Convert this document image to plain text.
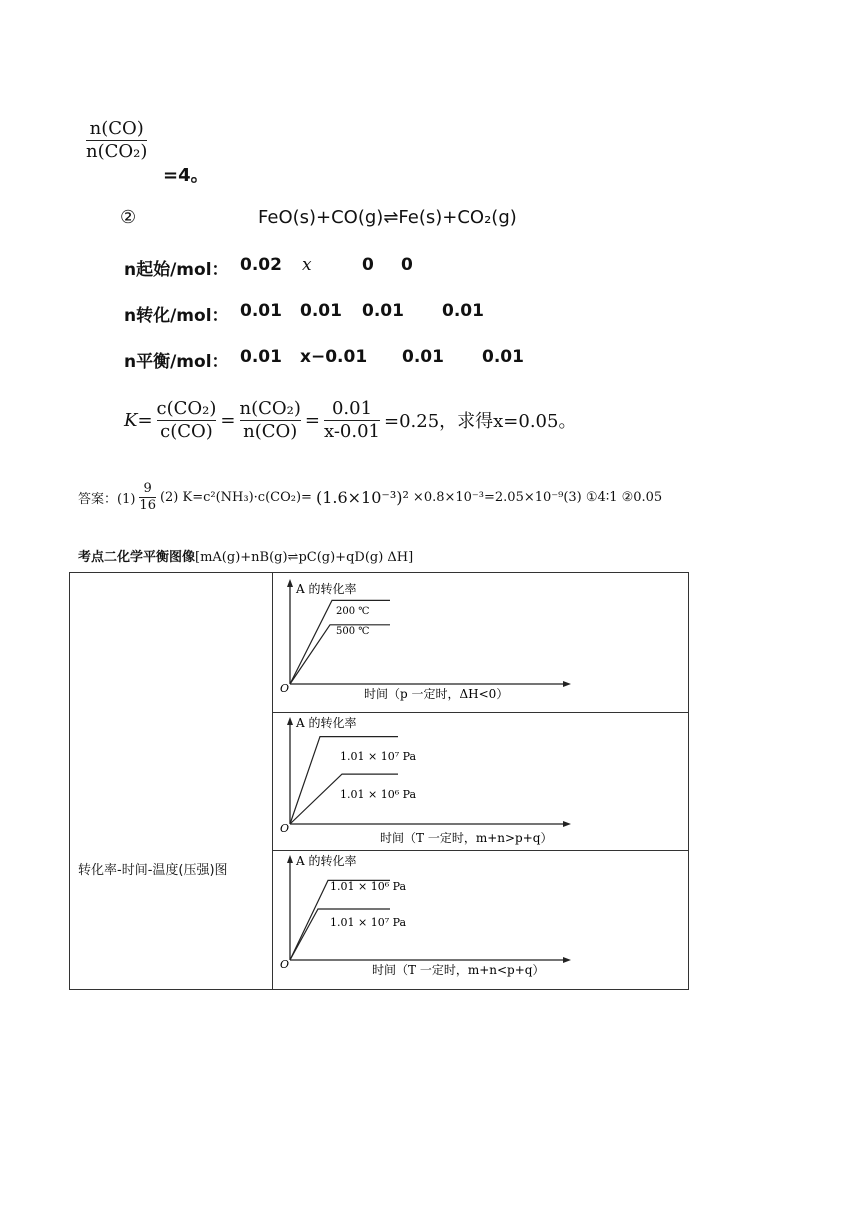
$\frac{n(CO)}{\text{n(CO₂)}}$
=4。
②	FeO(s)+CO(g)⇌Fe(s)+CO₂(g)
n起始/mol： 0.02 x	0 0
n转化/mol： 0.01 0.01 0.01 0.01
n平衡/mol： 0.01 x−0.01 0.01 0.01
$K= \frac{\text{c(CO₂)}}{c(CO)} = \frac{\text{n(CO₂)}}{n(CO)} = \frac{0.01}{x-0.01} =0.25$，求得x=0.05。
答案：$(1) \frac{9}{16} (2)$ K=c²(NH₃)·c(CO₂)= (1.6×10⁻³)² ×0.8×10⁻³=2.05×10⁻⁹(3) ①4∶1 ②0.05
考点二化学平衡图像[mA(g)+nB(g)⇌pC(g)+qD(g) ΔH]
转化率-时间-温度(压强)图
A 的转化率
O
200 ℃
500 ℃
时间（p 一定时，ΔH<0）
A 的转化率
O
1.01 × 10⁷ Pa
1.01 × 10⁶ Pa
时间（T 一定时，m+n>p+q）
A 的转化率
O
1.01 × 10⁶ Pa
1.01 × 10⁷ Pa
时间（T 一定时，m+n<p+q）
